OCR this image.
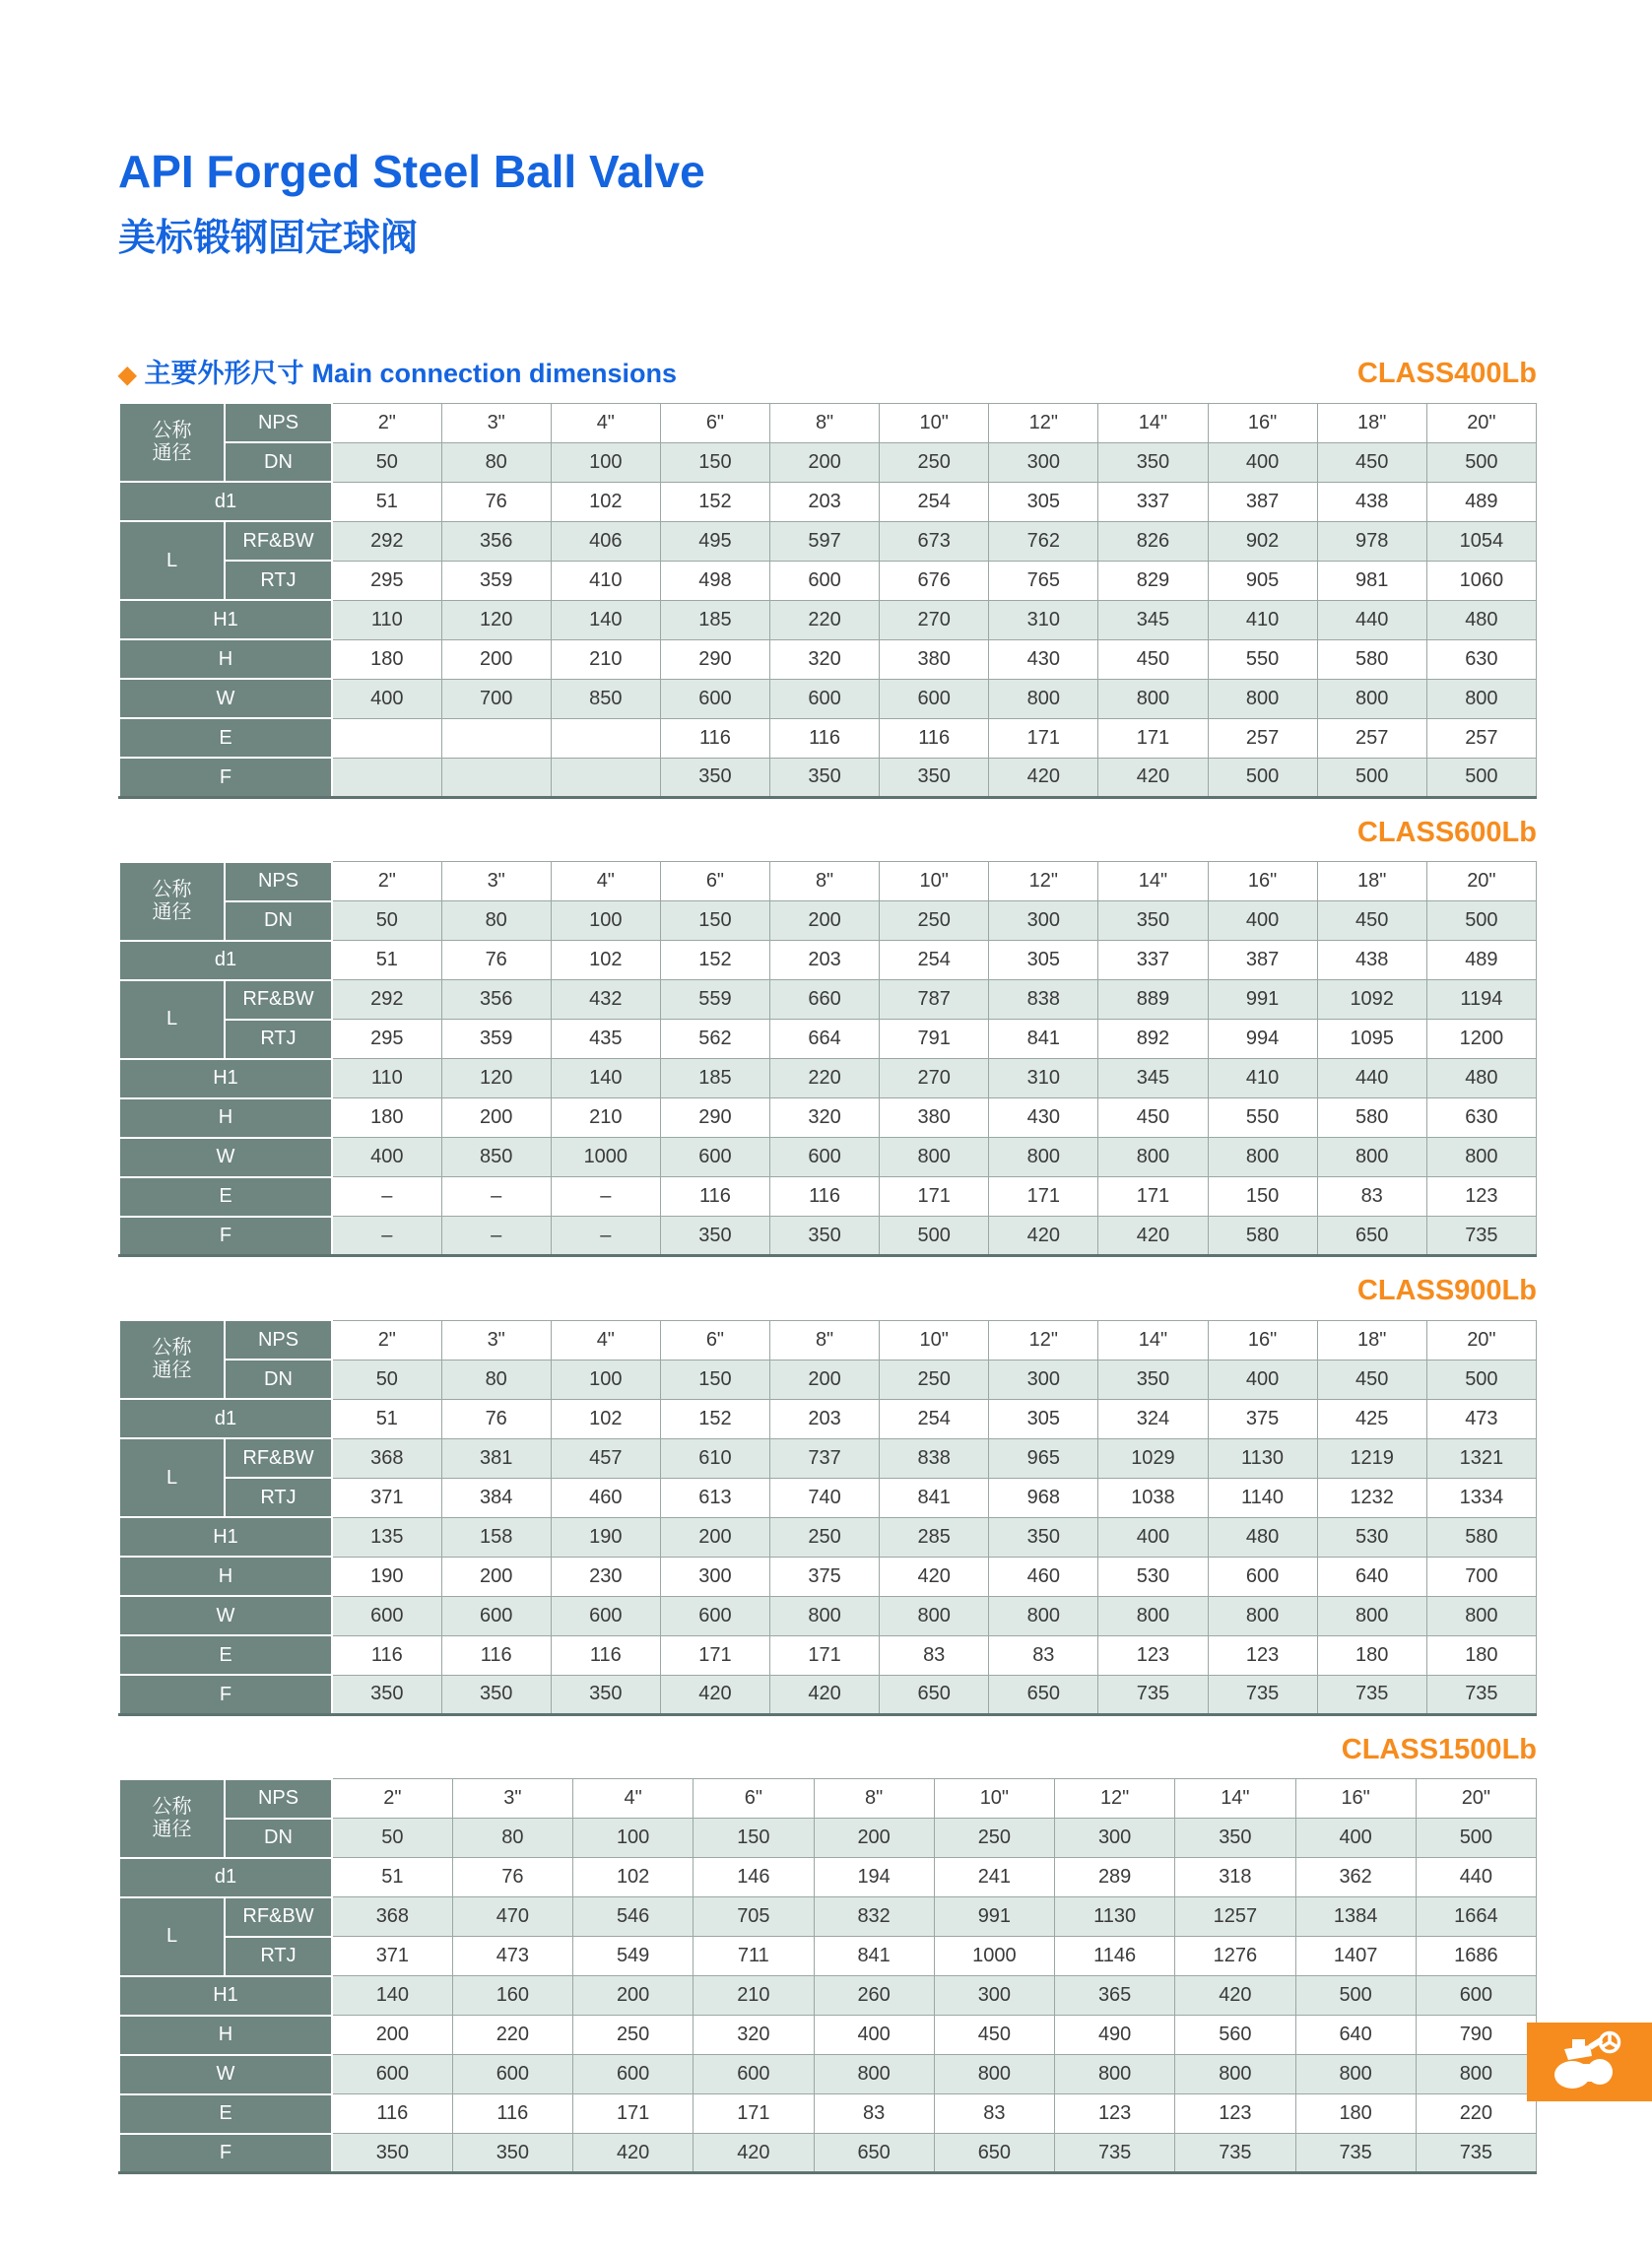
API Forged Steel Ball Valve
美标锻钢固定球阀
◆ 主要外形尺寸 Main connection dimensions	CLASS400Lb
公称
通径	NPS	2"	3"	4"	6"	8"	10"	12"	14"	16"	18"	20"
	DN	50	80	100	150	200	250	300	350	400	450	500
d1		51	76	102	152	203	254	305	337	387	438	489
L	RF&BW	292	356	406	495	597	673	762	826	902	978	1054
	RTJ	295	359	410	498	600	676	765	829	905	981	1060
H1		110	120	140	185	220	270	310	345	410	440	480
H		180	200	210	290	320	380	430	450	550	580	630
W		400	700	850	600	600	600	800	800	800	800	800
E					116	116	116	171	171	257	257	257
F					350	350	350	420	420	500	500	500
CLASS600Lb
公称
通径	NPS	2"	3"	4"	6"	8"	10"	12"	14"	16"	18"	20"
	DN	50	80	100	150	200	250	300	350	400	450	500
d1		51	76	102	152	203	254	305	337	387	438	489
L	RF&BW	292	356	432	559	660	787	838	889	991	1092	1194
	RTJ	295	359	435	562	664	791	841	892	994	1095	1200
H1		110	120	140	185	220	270	310	345	410	440	480
H		180	200	210	290	320	380	430	450	550	580	630
W		400	850	1000	600	600	800	800	800	800	800	800
E		–	–	–	116	116	171	171	171	150	83	123
F		–	–	–	350	350	500	420	420	580	650	735
CLASS900Lb
公称
通径	NPS	2"	3"	4"	6"	8"	10"	12"	14"	16"	18"	20"
	DN	50	80	100	150	200	250	300	350	400	450	500
d1		51	76	102	152	203	254	305	324	375	425	473
L	RF&BW	368	381	457	610	737	838	965	1029	1130	1219	1321
	RTJ	371	384	460	613	740	841	968	1038	1140	1232	1334
H1		135	158	190	200	250	285	350	400	480	530	580
H		190	200	230	300	375	420	460	530	600	640	700
W		600	600	600	600	800	800	800	800	800	800	800
E		116	116	116	171	171	83	83	123	123	180	180
F		350	350	350	420	420	650	650	735	735	735	735
CLASS1500Lb
公称
通径	NPS	2"	3"	4"	6"	8"	10"	12"	14"	16"	20"
	DN	50	80	100	150	200	250	300	350	400	500
d1		51	76	102	146	194	241	289	318	362	440
L	RF&BW	368	470	546	705	832	991	1130	1257	1384	1664
	RTJ	371	473	549	711	841	1000	1146	1276	1407	1686
H1		140	160	200	210	260	300	365	420	500	600
H		200	220	250	320	400	450	490	560	640	790
W		600	600	600	600	800	800	800	800	800	800
E		116	116	171	171	83	83	123	123	180	220
F		350	350	420	420	650	650	735	735	735	735
